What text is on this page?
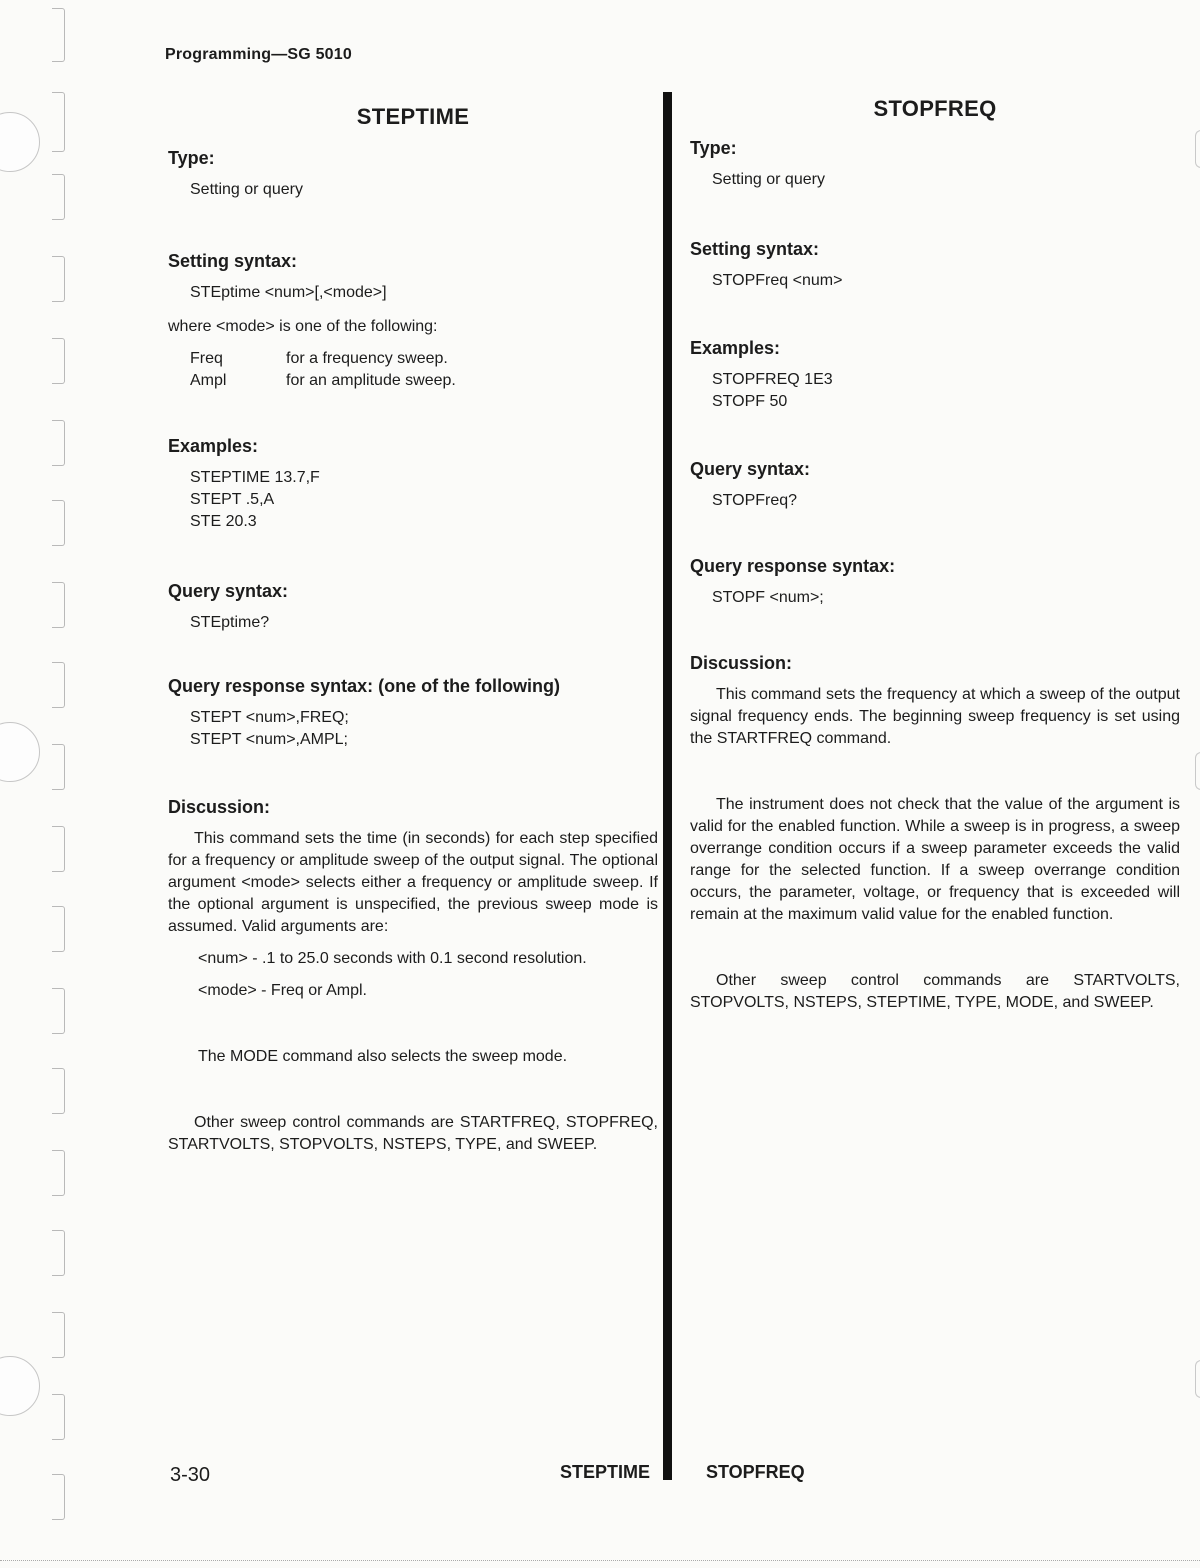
Programming—SG 5010
STEPTIME
Type:
Setting or query
Setting syntax:
STEptime <num>[,<mode>]
where <mode> is one of the following:
Freq	for a frequency sweep.
Ampl	for an amplitude sweep.
Examples:
STEPTIME 13.7,F
STEPT .5,A
STE 20.3
Query syntax:
STEptime?
Query response syntax: (one of the following)
STEPT <num>,FREQ;
STEPT <num>,AMPL;
Discussion:
This command sets the time (in seconds) for each step specified for a frequency or amplitude sweep of the output signal. The optional argument <mode> selects either a frequency or amplitude sweep. If the optional argument is unspecified, the previous sweep mode is assumed. Valid arguments are:
<num> - .1 to 25.0 seconds with 0.1 second resolution.
<mode> - Freq or Ampl.
The MODE command also selects the sweep mode.
Other sweep control commands are STARTFREQ, STOPFREQ, STARTVOLTS, STOPVOLTS, NSTEPS, TYPE, and SWEEP.
STOPFREQ
Type:
Setting or query
Setting syntax:
STOPFreq <num>
Examples:
STOPFREQ 1E3
STOPF 50
Query syntax:
STOPFreq?
Query response syntax:
STOPF <num>;
Discussion:
This command sets the frequency at which a sweep of the output signal frequency ends. The beginning sweep frequency is set using the STARTFREQ command.
The instrument does not check that the value of the argument is valid for the enabled function. While a sweep is in progress, a sweep overrange condition occurs if a sweep parameter exceeds the valid range for the selected function. If a sweep overrange condition occurs, the parameter, voltage, or frequency that is exceeded will remain at the maximum valid value for the enabled function.
Other sweep control commands are STARTVOLTS, STOPVOLTS, NSTEPS, STEPTIME, TYPE, MODE, and SWEEP.
3-30	STEPTIME	STOPFREQ
